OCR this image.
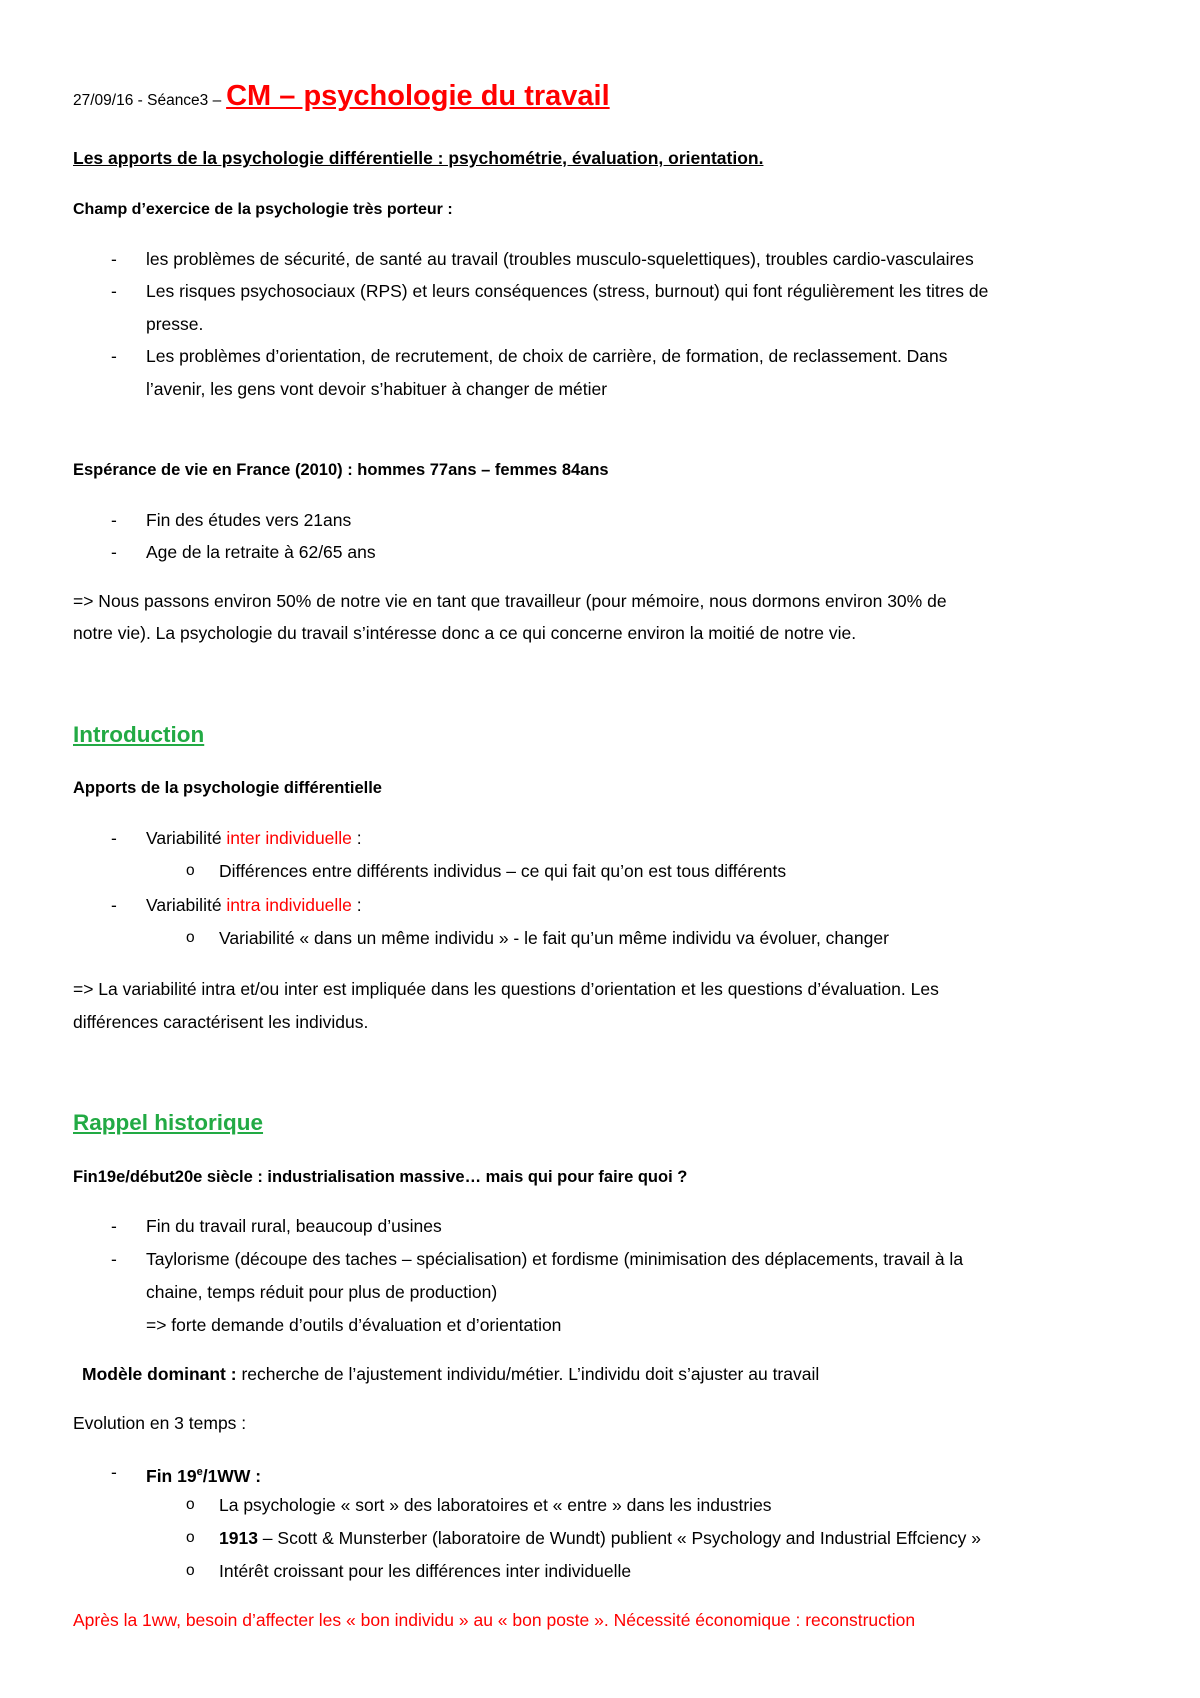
27/09/16 - Séance3 – CM – psychologie du travail
Les apports de la psychologie différentielle : psychométrie, évaluation, orientation.
Champ d’exercice de la psychologie très porteur :
- les problèmes de sécurité, de santé au travail (troubles musculo-squelettiques), troubles cardio-vasculaires
- Les risques psychosociaux (RPS) et leurs conséquences (stress, burnout) qui font régulièrement les titres de
presse.
- Les problèmes d’orientation, de recrutement, de choix de carrière, de formation, de reclassement. Dans
l’avenir, les gens vont devoir s’habituer à changer de métier
Espérance de vie en France (2010) : hommes 77ans – femmes 84ans
- Fin des études vers 21ans
- Age de la retraite à 62/65 ans
=> Nous passons environ 50% de notre vie en tant que travailleur (pour mémoire, nous dormons environ 30% de
notre vie). La psychologie du travail s’intéresse donc a ce qui concerne environ la moitié de notre vie.
Introduction
Apports de la psychologie différentielle
- Variabilité inter individuelle :
o Différences entre différents individus – ce qui fait qu’on est tous différents
- Variabilité intra individuelle :
o Variabilité « dans un même individu » - le fait qu’un même individu va évoluer, changer
=> La variabilité intra et/ou inter est impliquée dans les questions d’orientation et les questions d’évaluation. Les
différences caractérisent les individus.
Rappel historique
Fin19e/début20e siècle : industrialisation massive… mais qui pour faire quoi ?
- Fin du travail rural, beaucoup d’usines
- Taylorisme (découpe des taches – spécialisation) et fordisme (minimisation des déplacements, travail à la
chaine, temps réduit pour plus de production)
=> forte demande d’outils d’évaluation et d’orientation
Modèle dominant : recherche de l’ajustement individu/métier. L’individu doit s’ajuster au travail
Evolution en 3 temps :
- Fin 19e/1WW :
o La psychologie « sort » des laboratoires et « entre » dans les industries
o 1913 – Scott & Munsterber (laboratoire de Wundt) publient « Psychology and Industrial Effciency »
o Intérêt croissant pour les différences inter individuelle
Après la 1ww, besoin d’affecter les « bon individu » au « bon poste ». Nécessité économique : reconstruction
